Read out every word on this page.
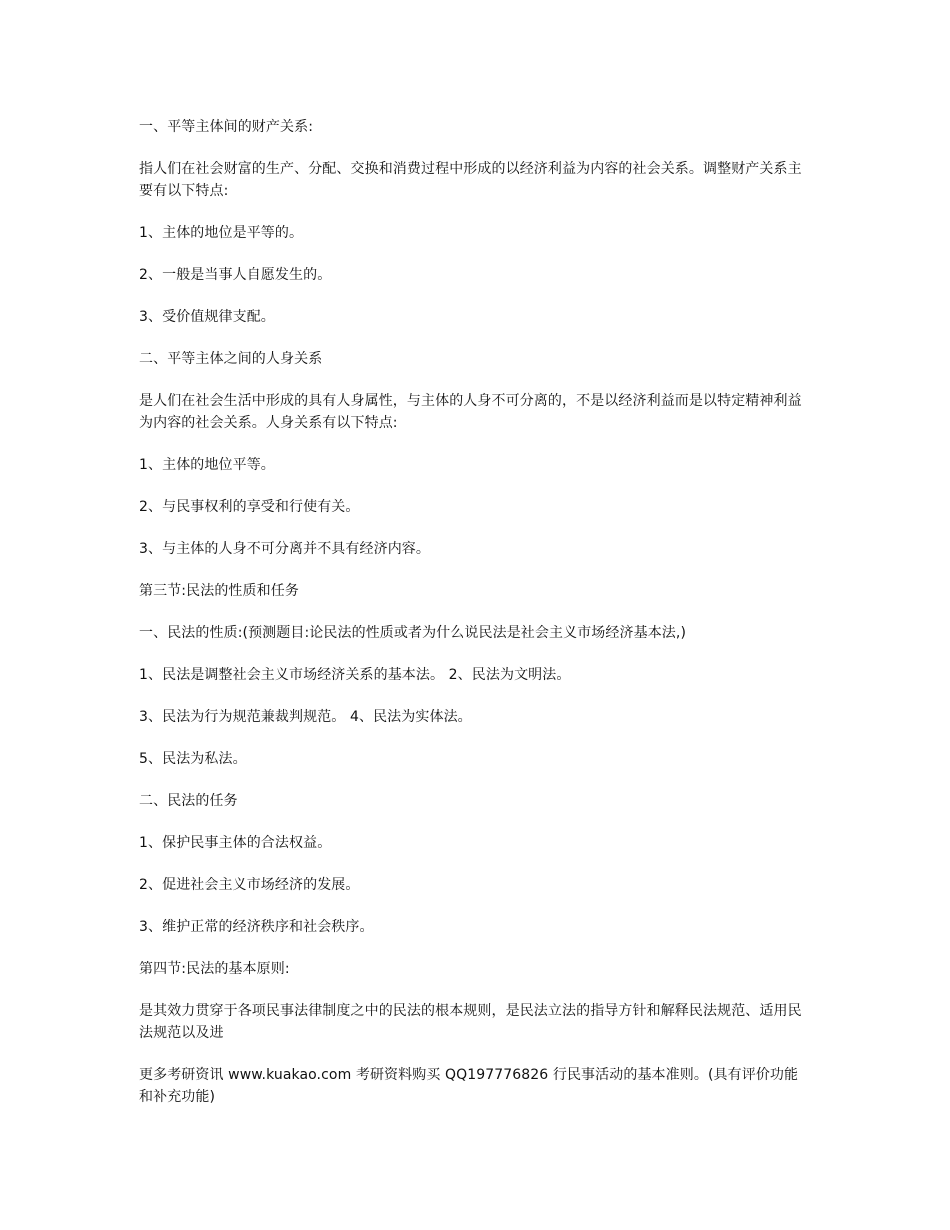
一、平等主体间的财产关系:

指人们在社会财富的生产、分配、交换和消费过程中形成的以经济利益为内容的社会关系。调整财产关系主要有以下特点:

1、主体的地位是平等的。

2、一般是当事人自愿发生的。

3、受价值规律支配。

二、平等主体之间的人身关系

是人们在社会生活中形成的具有人身属性，与主体的人身不可分离的，不是以经济利益而是以特定精神利益为内容的社会关系。人身关系有以下特点:

1、主体的地位平等。

2、与民事权利的享受和行使有关。

3、与主体的人身不可分离并不具有经济内容。

第三节:民法的性质和任务

一、民法的性质:(预测题目:论民法的性质或者为什么说民法是社会主义市场经济基本法,)

1、民法是调整社会主义市场经济关系的基本法。 2、民法为文明法。

3、民法为行为规范兼裁判规范。 4、民法为实体法。

5、民法为私法。

二、民法的任务

1、保护民事主体的合法权益。

2、促进社会主义市场经济的发展。

3、维护正常的经济秩序和社会秩序。

第四节:民法的基本原则:

是其效力贯穿于各项民事法律制度之中的民法的根本规则，是民法立法的指导方针和解释民法规范、适用民法规范以及进

更多考研资讯 www.kuakao.com 考研资料购买 QQ197776826 行民事活动的基本准则。(具有评价功能和补充功能)
